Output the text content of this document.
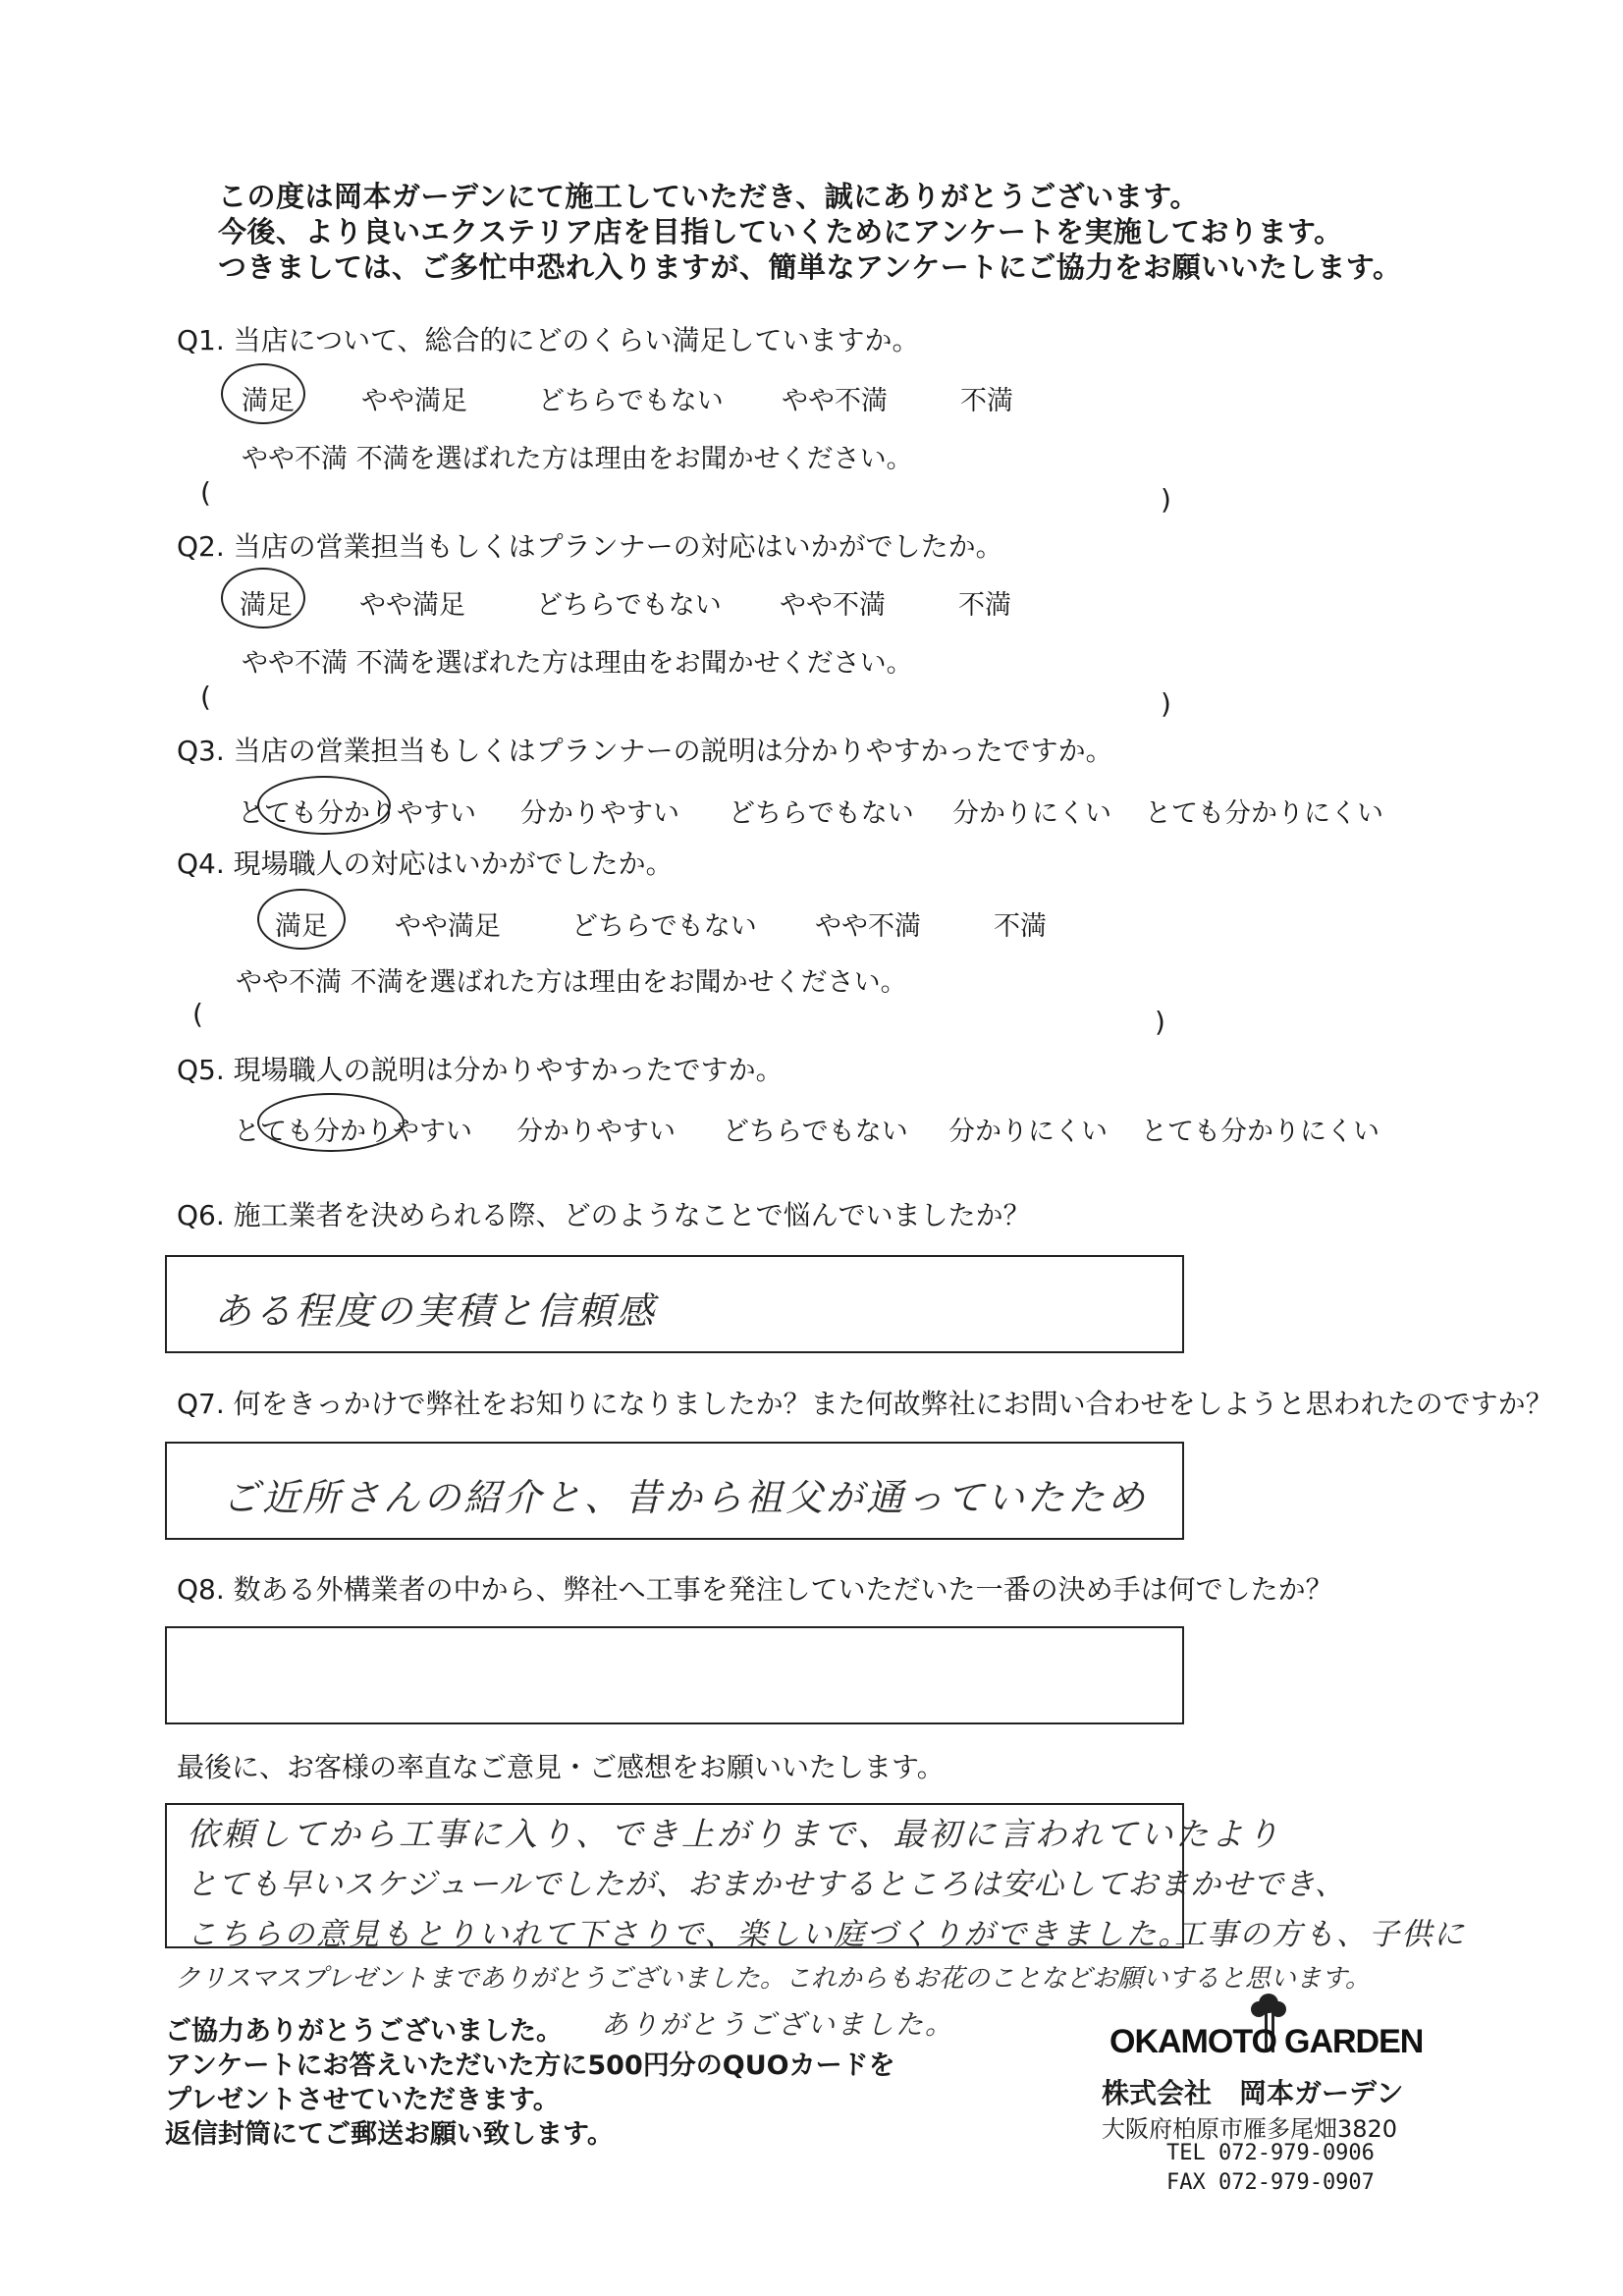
この度は岡本ガーデンにて施工していただき、誠にありがとうございます。
今後、より良いエクステリア店を目指していくためにアンケートを実施しております。
つきましては、ご多忙中恐れ入りますが、簡単なアンケートにご協力をお願いいたします。
Q1. 当店について、総合的にどのくらい満足していますか。
満足	やや満足	どちらでもない やや不満	不満
やや不満 不満を選ばれた方は理由をお聞かせください。
(	)
Q2. 当店の営業担当もしくはプランナーの対応はいかがでしたか。
満足	やや満足	どちらでもない やや不満	不満
やや不満 不満を選ばれた方は理由をお聞かせください。
(	)
Q3. 当店の営業担当もしくはプランナーの説明は分かりやすかったですか。
とても分かりやすい 分かりやすい どちらでもない 分かりにくい とても分かりにくい
Q4. 現場職人の対応はいかがでしたか。
満足	やや満足	どちらでもない やや不満	不満
やや不満 不満を選ばれた方は理由をお聞かせください。
(	)
Q5. 現場職人の説明は分かりやすかったですか。
とても分かりやすい 分かりやすい どちらでもない 分かりにくい とても分かりにくい
Q6. 施工業者を決められる際、どのようなことで悩んでいましたか？
ある程度の実積と信頼感
Q7. 何をきっかけで弊社をお知りになりましたか？また何故弊社にお問い合わせをしようと思われたのですか？
ご近所さんの紹介と、昔から祖父が通っていたため
Q8. 数ある外構業者の中から、弊社へ工事を発注していただいた一番の決め手は何でしたか？
最後に、お客様の率直なご意見・ご感想をお願いいたします。
依頼してから工事に入り、でき上がりまで、最初に言われていたより
とても早いスケジュールでしたが、おまかせするところは安心しておまかせでき、
こちらの意見もとりいれて下さりで、楽しい庭づくりができました。
工事の方も、子供に
クリスマスプレゼントまでありがとうございました。これからもお花のことなどお願いすると思います。
ありがとうございました。
ご協力ありがとうございました。
アンケートにお答えいただいた方に500円分のQUOカードを
プレゼントさせていただきます。
返信封筒にてご郵送お願い致します。
OKAMOTO GARDEN
株式会社　岡本ガーデン
大阪府柏原市雁多尾畑3820
TEL 072-979-0906
FAX 072-979-0907
